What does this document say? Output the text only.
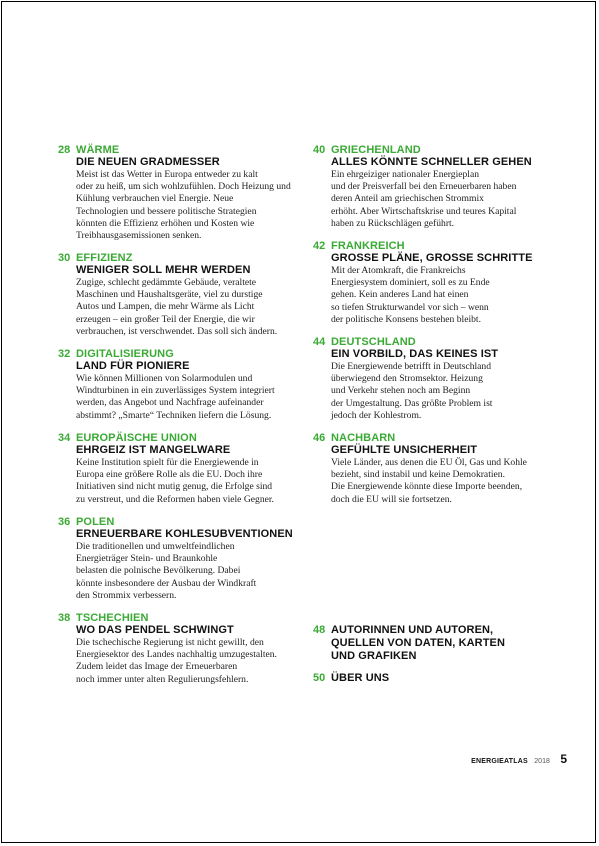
28 WÄRME
DIE NEUEN GRADMESSER
Meist ist das Wetter in Europa entweder zu kalt
oder zu heiß, um sich wohlzufühlen. Doch Heizung und
Kühlung verbrauchen viel Energie. Neue
Technologien und bessere politische Strategien
könnten die Effizienz erhöhen und Kosten wie
Treibhausgasemissionen senken.
30 EFFIZIENZ
WENIGER SOLL MEHR WERDEN
Zugige, schlecht gedämmte Gebäude, veraltete
Maschinen und Haushaltsgeräte, viel zu durstige
Autos und Lampen, die mehr Wärme als Licht
erzeugen – ein großer Teil der Energie, die wir
verbrauchen, ist verschwendet. Das soll sich ändern.
32 DIGITALISIERUNG
LAND FÜR PIONIERE
Wie können Millionen von Solarmodulen und
Windturbinen in ein zuverlässiges System integriert
werden, das Angebot und Nachfrage aufeinander
abstimmt? „Smarte“ Techniken liefern die Lösung.
34 EUROPÄISCHE UNION
EHRGEIZ IST MANGELWARE
Keine Institution spielt für die Energiewende in
Europa eine größere Rolle als die EU. Doch ihre
Initiativen sind nicht mutig genug, die Erfolge sind
zu verstreut, und die Reformen haben viele Gegner.
36 POLEN
ERNEUERBARE KOHLESUBVENTIONEN
Die traditionellen und umweltfeindlichen
Energieträger Stein- und Braunkohle
belasten die polnische Bevölkerung. Dabei
könnte insbesondere der Ausbau der Windkraft
den Strommix verbessern.
38 TSCHECHIEN
WO DAS PENDEL SCHWINGT
Die tschechische Regierung ist nicht gewillt, den
Energiesektor des Landes nachhaltig umzugestalten.
Zudem leidet das Image der Erneuerbaren
noch immer unter alten Regulierungsfehlern.
40 GRIECHENLAND
ALLES KÖNNTE SCHNELLER GEHEN
Ein ehrgeiziger nationaler Energieplan
und der Preisverfall bei den Erneuerbaren haben
deren Anteil am griechischen Strommix
erhöht. Aber Wirtschaftskrise und teures Kapital
haben zu Rückschlägen geführt.
42 FRANKREICH
GROSSE PLÄNE, GROSSE SCHRITTE
Mit der Atomkraft, die Frankreichs
Energiesystem dominiert, soll es zu Ende
gehen. Kein anderes Land hat einen
so tiefen Strukturwandel vor sich – wenn
der politische Konsens bestehen bleibt.
44 DEUTSCHLAND
EIN VORBILD, DAS KEINES IST
Die Energiewende betrifft in Deutschland
überwiegend den Stromsektor. Heizung
und Verkehr stehen noch am Beginn
der Umgestaltung. Das größte Problem ist
jedoch der Kohlestrom.
46 NACHBARN
GEFÜHLTE UNSICHERHEIT
Viele Länder, aus denen die EU Öl, Gas und Kohle
bezieht, sind instabil und keine Demokratien.
Die Energiewende könnte diese Importe beenden,
doch die EU will sie fortsetzen.
48 AUTORINNEN UND AUTOREN,
QUELLEN VON DATEN, KARTEN
UND GRAFIKEN
50 ÜBER UNS
ENERGIEATLAS 2018 5
